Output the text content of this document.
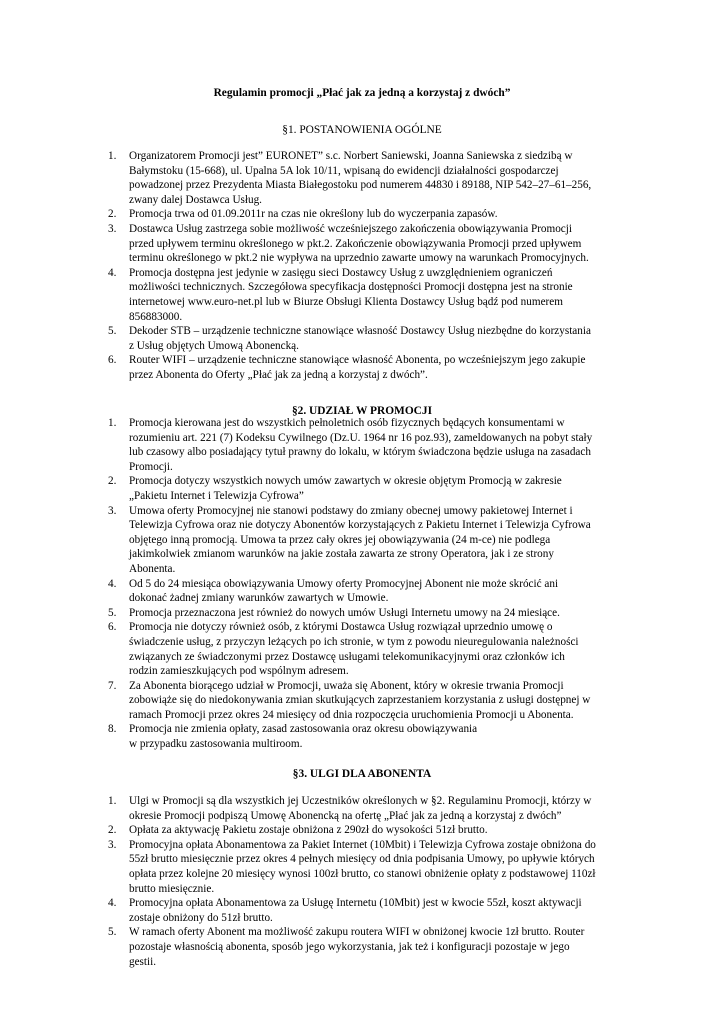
Regulamin promocji „Płać jak za jedną a korzystaj z dwóch”
§1. POSTANOWIENIA OGÓLNE
1. Organizatorem Promocji jest” EURONET” s.c. Norbert Saniewski, Joanna Saniewska z siedzibą w
Bałymstoku (15-668), ul. Upalna 5A lok 10/11, wpisaną do ewidencji działalności gospodarczej
powadzonej przez Prezydenta Miasta Białegostoku pod numerem 44830 i 89188, NIP 542–27–61–256,
zwany dalej Dostawca Usług.
2. Promocja trwa od 01.09.2011r na czas nie określony lub do wyczerpania zapasów.
3. Dostawca Usług zastrzega sobie możliwość wcześniejszego zakończenia obowiązywania Promocji
przed upływem terminu określonego w pkt.2. Zakończenie obowiązywania Promocji przed upływem
terminu określonego w pkt.2 nie wypływa na uprzednio zawarte umowy na warunkach Promocyjnych.
4. Promocja dostępna jest jedynie w zasięgu sieci Dostawcy Usług z uwzględnieniem ograniczeń
możliwości technicznych. Szczegółowa specyfikacja dostępności Promocji dostępna jest na stronie
internetowej www.euro-net.pl lub w Biurze Obsługi Klienta Dostawcy Usług bądź pod numerem
856883000.
5. Dekoder STB – urządzenie techniczne stanowiące własność Dostawcy Usług niezbędne do korzystania
z Usług objętych Umową Abonencką.
6. Router WIFI – urządzenie techniczne stanowiące własność Abonenta, po wcześniejszym jego zakupie
przez Abonenta do Oferty „Płać jak za jedną a korzystaj z dwóch”.
§2. UDZIAŁ W PROMOCJI
1. Promocja kierowana jest do wszystkich pełnoletnich osób fizycznych będących konsumentami w
rozumieniu art. 221 (7) Kodeksu Cywilnego (Dz.U. 1964 nr 16 poz.93), zameldowanych na pobyt stały
lub czasowy albo posiadający tytuł prawny do lokalu, w którym świadczona będzie usługa na zasadach
Promocji.
2. Promocja dotyczy wszystkich nowych umów zawartych w okresie objętym Promocją w zakresie
„Pakietu Internet i Telewizja Cyfrowa”
3. Umowa oferty Promocyjnej nie stanowi podstawy do zmiany obecnej umowy pakietowej Internet i
Telewizja Cyfrowa oraz nie dotyczy Abonentów korzystających z Pakietu Internet i Telewizja Cyfrowa
objętego inną promocją. Umowa ta przez cały okres jej obowiązywania (24 m-ce) nie podlega
jakimkolwiek zmianom warunków na jakie została zawarta ze strony Operatora, jak i ze strony
Abonenta.
4. Od 5 do 24 miesiąca obowiązywania Umowy oferty Promocyjnej Abonent nie może skrócić ani
dokonać żadnej zmiany warunków zawartych w Umowie.
5. Promocja przeznaczona jest również do nowych umów Usługi Internetu umowy na 24 miesiące.
6. Promocja nie dotyczy również osób, z którymi Dostawca Usług rozwiązał uprzednio umowę o
świadczenie usług, z przyczyn leżących po ich stronie, w tym z powodu nieuregulowania należności
związanych ze świadczonymi przez Dostawcę usługami telekomunikacyjnymi oraz członków ich
rodzin zamieszkujących pod wspólnym adresem.
7. Za Abonenta biorącego udział w Promocji, uważa się Abonent, który w okresie trwania Promocji
zobowiąże się do niedokonywania zmian skutkujących zaprzestaniem korzystania z usługi dostępnej w
ramach Promocji przez okres 24 miesięcy od dnia rozpoczęcia uruchomienia Promocji u Abonenta.
8. Promocja nie zmienia opłaty, zasad zastosowania oraz okresu obowiązywania
w przypadku zastosowania multiroom.
§3. ULGI DLA ABONENTA
1. Ulgi w Promocji są dla wszystkich jej Uczestników określonych w §2. Regulaminu Promocji, którzy w
okresie Promocji podpiszą Umowę Abonencką na ofertę „Płać jak za jedną a korzystaj z dwóch”
2. Opłata za aktywację Pakietu zostaje obniżona z 290zł do wysokości 51zł brutto.
3. Promocyjna opłata Abonamentowa za Pakiet Internet (10Mbit) i Telewizja Cyfrowa zostaje obniżona do
55zł brutto miesięcznie przez okres 4 pełnych miesięcy od dnia podpisania Umowy, po upływie których
opłata przez kolejne 20 miesięcy wynosi 100zł brutto, co stanowi obniżenie opłaty z podstawowej 110zł
brutto miesięcznie.
4. Promocyjna opłata Abonamentowa za Usługę Internetu (10Mbit) jest w kwocie 55zł, koszt aktywacji
zostaje obniżony do 51zł brutto.
5. W ramach oferty Abonent ma możliwość zakupu routera WIFI w obniżonej kwocie 1zł brutto. Router
pozostaje własnością abonenta, sposób jego wykorzystania, jak też i konfiguracji pozostaje w jego
gestii.
